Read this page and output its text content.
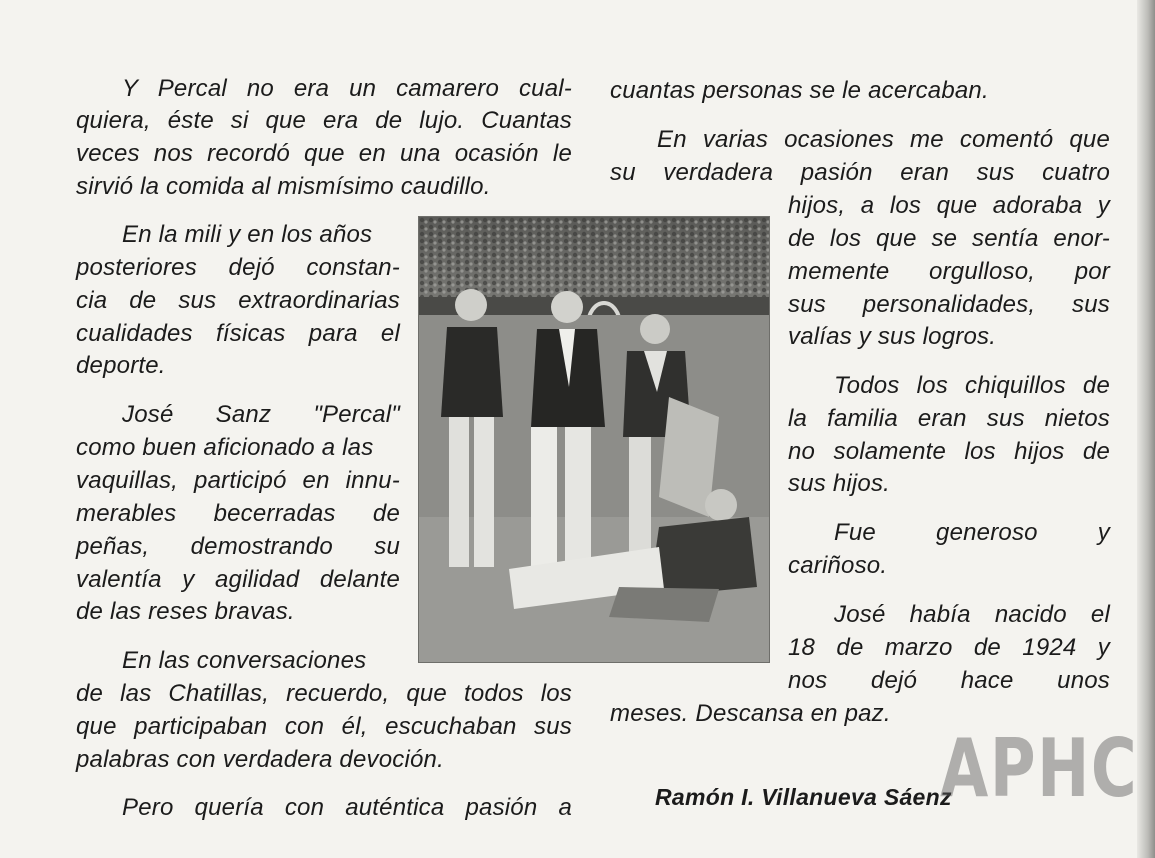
Y Percal no era un camarero cual-
quiera, éste si que era de lujo. Cuantas
veces nos recordó que en una ocasión le
sirvió la comida al mismísimo caudillo.
En la mili y en los años
posteriores dejó constan-
cia de sus extraordinarias
cualidades físicas para el
deporte.
José Sanz "Percal"
como buen aficionado a las
vaquillas, participó en innu-
merables becerradas de
peñas, demostrando su
valentía y agilidad delante
de las reses bravas.
En las conversaciones
de las Chatillas, recuerdo, que todos los
que participaban con él, escuchaban sus
palabras con verdadera devoción.
Pero quería con auténtica pasión a
cuantas personas se le acercaban.
En varias ocasiones me comentó que
su verdadera pasión eran sus cuatro
hijos, a los que adoraba y
de los que se sentía enor-
memente orgulloso, por
sus personalidades, sus
valías y sus logros.
Todos los chiquillos de
la familia eran sus nietos
no solamente los hijos de
sus hijos.
Fue generoso y
cariñoso.
José había nacido el
18 de marzo de 1924 y
nos dejó hace unos
meses. Descansa en paz.
Ramón I. Villanueva Sáenz
APHC
